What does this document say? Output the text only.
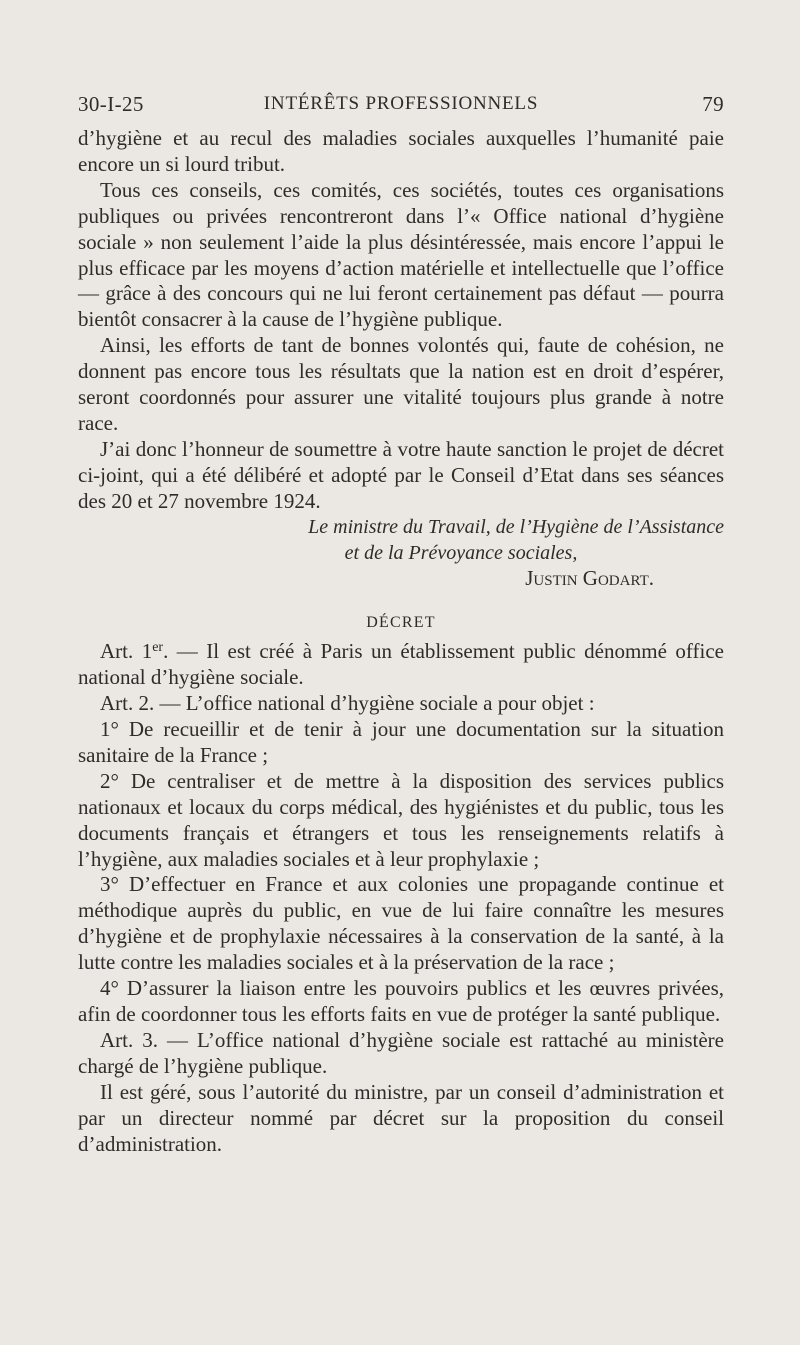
30-I-25	INTÉRÊTS PROFESSIONNELS	79

d’hygiène et au recul des maladies sociales auxquelles l’humanité paie encore un si lourd tribut.

Tous ces conseils, ces comités, ces sociétés, toutes ces organisations publiques ou privées rencontreront dans l’« Office national d’hygiène sociale » non seulement l’aide la plus désintéressée, mais encore l’appui le plus efficace par les moyens d’action matérielle et intellectuelle que l’office — grâce à des concours qui ne lui feront certainement pas défaut — pourra bientôt consacrer à la cause de l’hygiène publique.

Ainsi, les efforts de tant de bonnes volontés qui, faute de cohésion, ne donnent pas encore tous les résultats que la nation est en droit d’espérer, seront coordonnés pour assurer une vitalité toujours plus grande à notre race.

J’ai donc l’honneur de soumettre à votre haute sanction le projet de décret ci-joint, qui a été délibéré et adopté par le Conseil d’Etat dans ses séances des 20 et 27 novembre 1924.

Le ministre du Travail, de l’Hygiène de l’Assistance
et de la Prévoyance sociales,
Justin Godart.

DÉCRET

Art. 1er. — Il est créé à Paris un établissement public dénommé office national d’hygiène sociale.

Art. 2. — L’office national d’hygiène sociale a pour objet :

1° De recueillir et de tenir à jour une documentation sur la situation sanitaire de la France ;

2° De centraliser et de mettre à la disposition des services publics nationaux et locaux du corps médical, des hygiénistes et du public, tous les documents français et étrangers et tous les renseignements relatifs à l’hygiène, aux maladies sociales et à leur prophylaxie ;

3° D’effectuer en France et aux colonies une propagande continue et méthodique auprès du public, en vue de lui faire connaître les mesures d’hygiène et de prophylaxie nécessaires à la conservation de la santé, à la lutte contre les maladies sociales et à la préservation de la race ;

4° D’assurer la liaison entre les pouvoirs publics et les œuvres privées, afin de coordonner tous les efforts faits en vue de protéger la santé publique.

Art. 3. — L’office national d’hygiène sociale est rattaché au ministère chargé de l’hygiène publique.

Il est géré, sous l’autorité du ministre, par un conseil d’administration et par un directeur nommé par décret sur la proposition du conseil d’administration.
